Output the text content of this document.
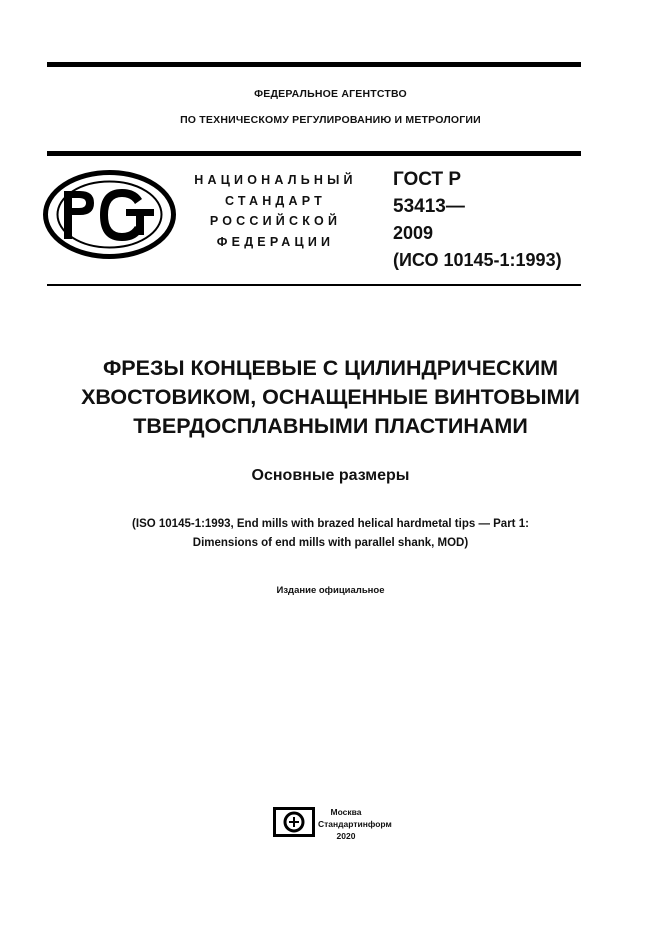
ФЕДЕРАЛЬНОЕ АГЕНТСТВО
ПО ТЕХНИЧЕСКОМУ РЕГУЛИРОВАНИЮ И МЕТРОЛОГИИ
НАЦИОНАЛЬНЫЙ
СТАНДАРТ
РОССИЙСКОЙ
ФЕДЕРАЦИИ
ГОСТ Р
53413—
2009
(ИСО 10145-1:1993)
ФРЕЗЫ КОНЦЕВЫЕ С ЦИЛИНДРИЧЕСКИМ
ХВОСТОВИКОМ, ОСНАЩЕННЫЕ ВИНТОВЫМИ
ТВЕРДОСПЛАВНЫМИ ПЛАСТИНАМИ
Основные размеры
(ISO 10145-1:1993, End mills with brazed helical hardmetal tips — Part 1:
Dimensions of end mills with parallel shank, MOD)
Издание официальное
Москва
Стандартинформ
2020
